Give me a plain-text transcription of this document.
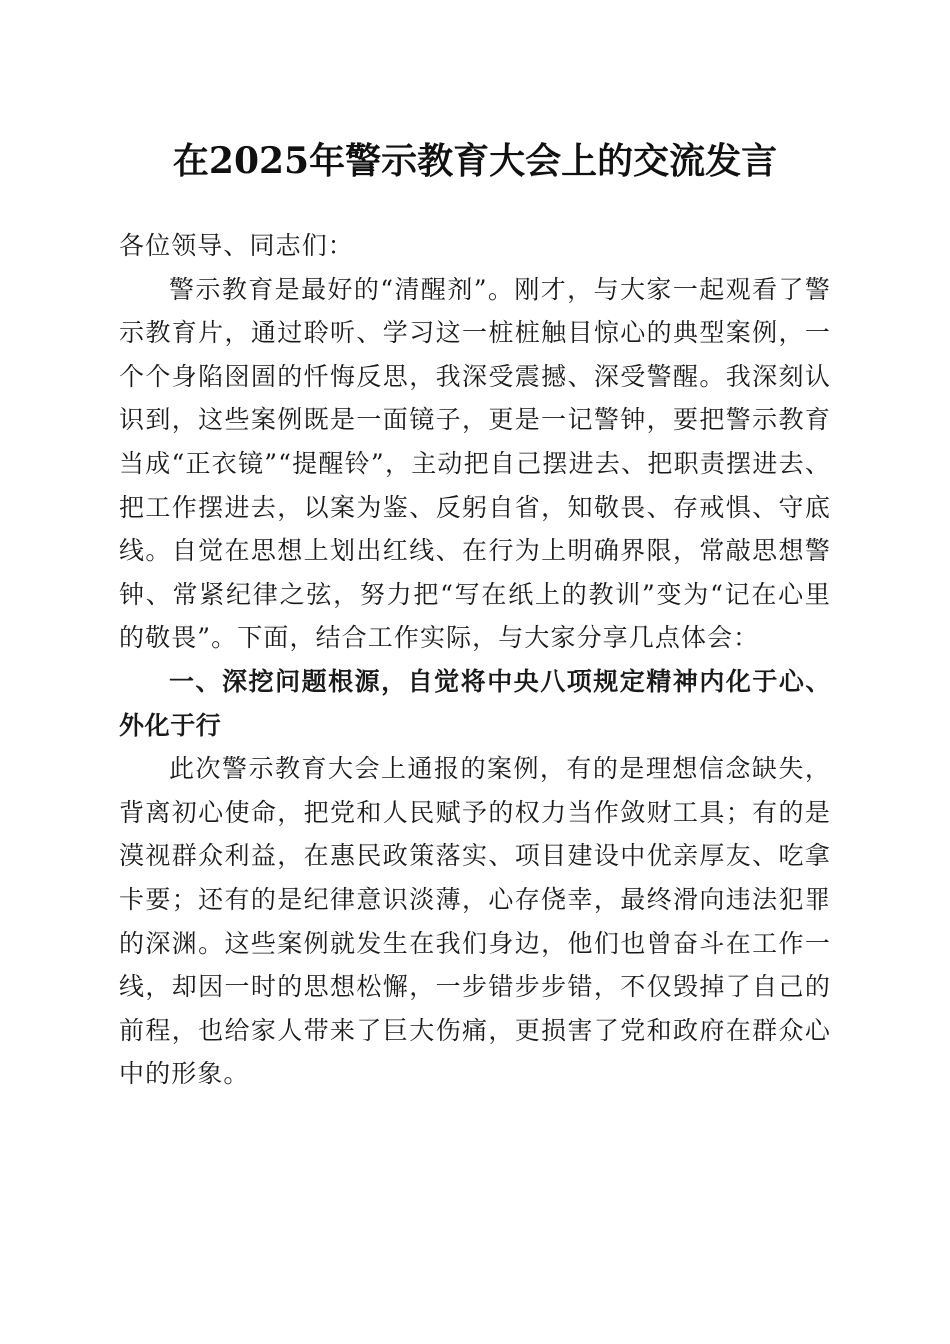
在2025年警示教育大会上的交流发言

各位领导、同志们：

警示教育是最好的“清醒剂”。刚才，与大家一起观看了警示教育片，通过聆听、学习这一桩桩触目惊心的典型案例，一个个身陷囹圄的忏悔反思，我深受震撼、深受警醒。我深刻认识到，这些案例既是一面镜子，更是一记警钟，要把警示教育当成“正衣镜”“提醒铃”，主动把自己摆进去、把职责摆进去、把工作摆进去，以案为鉴、反躬自省，知敬畏、存戒惧、守底线。自觉在思想上划出红线、在行为上明确界限，常敲思想警钟、常紧纪律之弦，努力把“写在纸上的教训”变为“记在心里的敬畏”。下面，结合工作实际，与大家分享几点体会：

一、深挖问题根源，自觉将中央八项规定精神内化于心、外化于行

此次警示教育大会上通报的案例，有的是理想信念缺失，背离初心使命，把党和人民赋予的权力当作敛财工具；有的是漠视群众利益，在惠民政策落实、项目建设中优亲厚友、吃拿卡要；还有的是纪律意识淡薄，心存侥幸，最终滑向违法犯罪的深渊。这些案例就发生在我们身边，他们也曾奋斗在工作一线，却因一时的思想松懈，一步错步步错，不仅毁掉了自己的前程，也给家人带来了巨大伤痛，更损害了党和政府在群众心中的形象。
